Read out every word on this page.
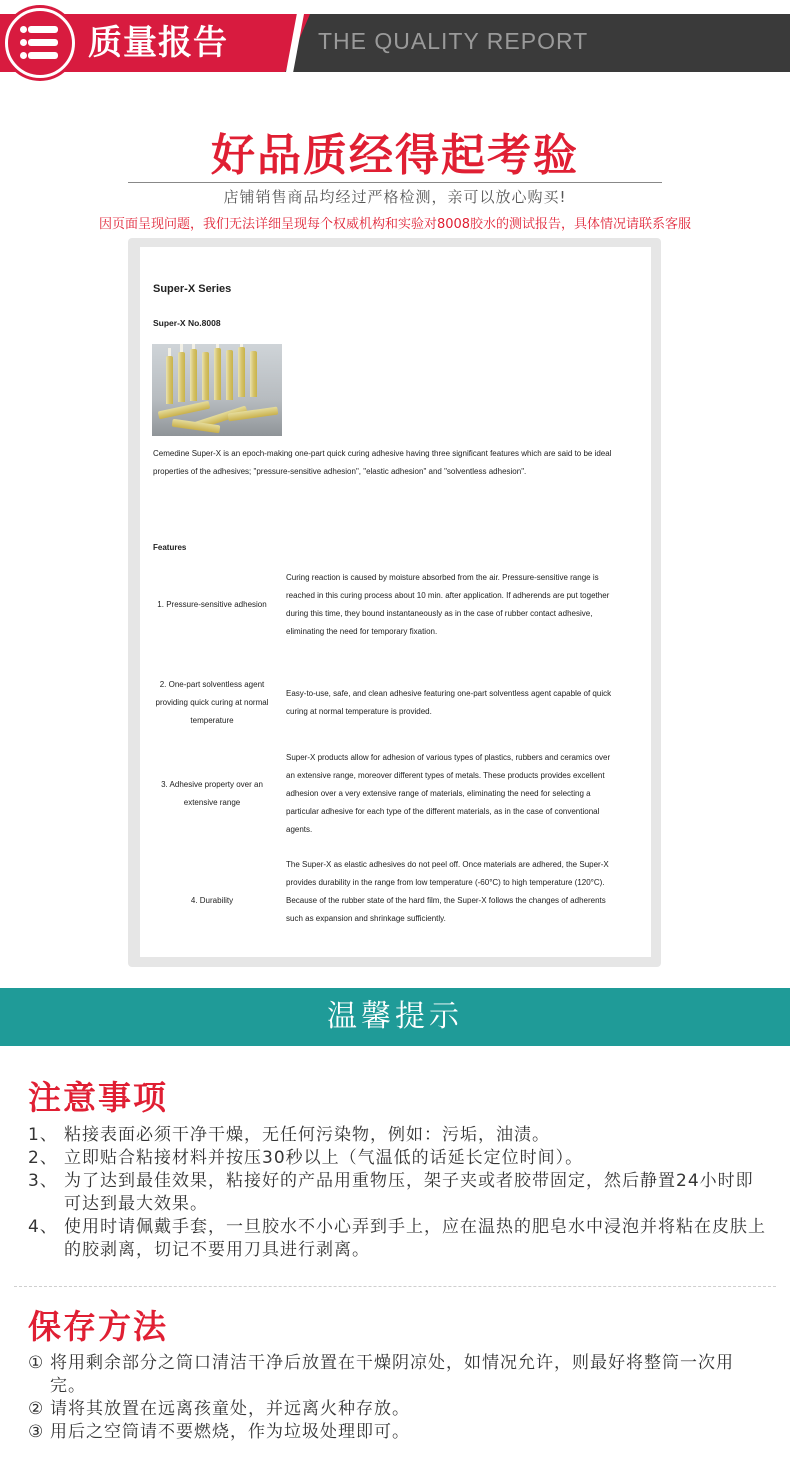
质量报告	THE QUALITY REPORT
好品质经得起考验
店铺销售商品均经过严格检测，亲可以放心购买!
因页面呈现问题，我们无法详细呈现每个权威机构和实验对8008胶水的测试报告，具体情况请联系客服
Super-X Series
Super-X No.8008
Cemedine Super-X is an epoch-making one-part quick curing adhesive having three significant features which are said to be ideal properties of the adhesives; "pressure-sensitive adhesion", "elastic adhesion" and "solventless adhesion".
Features
1. Pressure-sensitive adhesion
Curing reaction is caused by moisture absorbed from the air. Pressure-sensitive range is reached in this curing process about 10 min. after application. If adherends are put together during this time, they bound instantaneously as in the case of rubber contact adhesive, eliminating the need for temporary fixation.
2. One-part solventless agent providing quick curing at normal temperature
Easy-to-use, safe, and clean adhesive featuring one-part solventless agent capable of quick curing at normal temperature is provided.
3. Adhesive property over an extensive range
Super-X products allow for adhesion of various types of plastics, rubbers and ceramics over an extensive range, moreover different types of metals. These products provides excellent adhesion over a very extensive range of materials, eliminating the need for selecting a particular adhesive for each type of the different materials, as in the case of conventional agents.
4. Durability
The Super-X as elastic adhesives do not peel off. Once materials are adhered, the Super-X provides durability in the range from low temperature (-60°C) to high temperature (120°C). Because of the rubber state of the hard film, the Super-X follows the changes of adherents such as expansion and shrinkage sufficiently.
温馨提示
注意事项
1、 粘接表面必须干净干燥，无任何污染物，例如：污垢，油渍。
2、 立即贴合粘接材料并按压30秒以上（气温低的话延长定位时间）。
3、 为了达到最佳效果，粘接好的产品用重物压，架子夹或者胶带固定，然后静置24小时即可达到最大效果。
4、 使用时请佩戴手套，一旦胶水不小心弄到手上，应在温热的肥皂水中浸泡并将粘在皮肤上的胶剥离，切记不要用刀具进行剥离。
保存方法
① 将用剩余部分之筒口清洁干净后放置在干燥阴凉处，如情况允许，则最好将整筒一次用完。
② 请将其放置在远离孩童处，并远离火种存放。
③ 用后之空筒请不要燃烧，作为垃圾处理即可。
